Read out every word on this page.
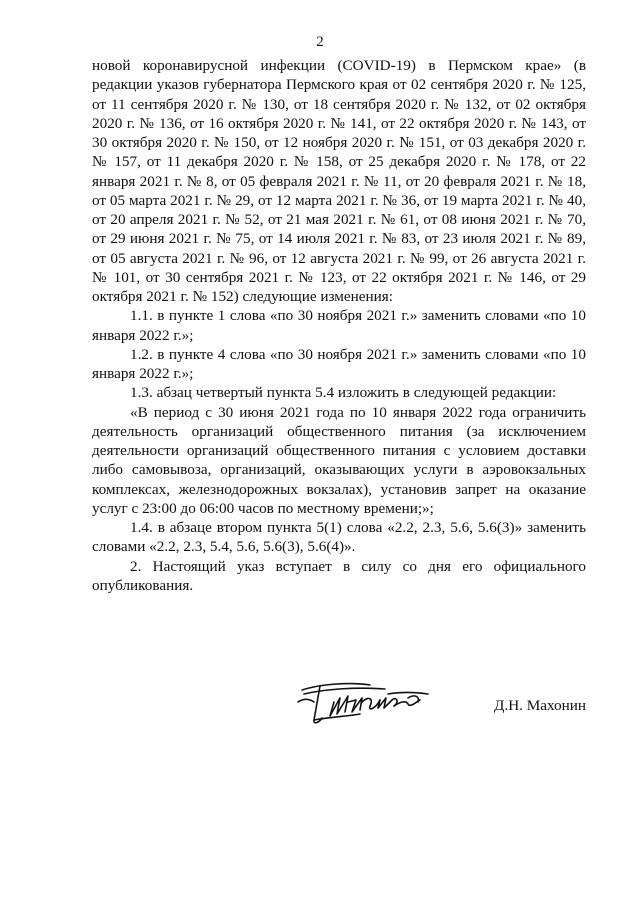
2

новой коронавирусной инфекции (COVID-19) в Пермском крае» (в редакции указов губернатора Пермского края от 02 сентября 2020 г. № 125, от 11 сентября 2020 г. № 130, от 18 сентября 2020 г. № 132, от 02 октября 2020 г. № 136, от 16 октября 2020 г. № 141, от 22 октября 2020 г. № 143, от 30 октября 2020 г. № 150, от 12 ноября 2020 г. № 151, от 03 декабря 2020 г. № 157, от 11 декабря 2020 г. № 158, от 25 декабря 2020 г. № 178, от 22 января 2021 г. № 8, от 05 февраля 2021 г. № 11, от 20 февраля 2021 г. № 18, от 05 марта 2021 г. № 29, от 12 марта 2021 г. № 36, от 19 марта 2021 г. № 40, от 20 апреля 2021 г. № 52, от 21 мая 2021 г. № 61, от 08 июня 2021 г. № 70, от 29 июня 2021 г. № 75, от 14 июля 2021 г. № 83, от 23 июля 2021 г. № 89, от 05 августа 2021 г. № 96, от 12 августа 2021 г. № 99, от 26 августа 2021 г. № 101, от 30 сентября 2021 г. № 123, от 22 октября 2021 г. № 146, от 29 октября 2021 г. № 152) следующие изменения:

1.1. в пункте 1 слова «по 30 ноября 2021 г.» заменить словами «по 10 января 2022 г.»;

1.2. в пункте 4 слова «по 30 ноября 2021 г.» заменить словами «по 10 января 2022 г.»;

1.3. абзац четвертый пункта 5.4 изложить в следующей редакции:

«В период с 30 июня 2021 года по 10 января 2022 года ограничить деятельность организаций общественного питания (за исключением деятельности организаций общественного питания с условием доставки либо самовывоза, организаций, оказывающих услуги в аэровокзальных комплексах, железнодорожных вокзалах), установив запрет на оказание услуг с 23:00 до 06:00 часов по местному времени;»;

1.4. в абзаце втором пункта 5(1) слова «2.2, 2.3, 5.6, 5.6(3)» заменить словами «2.2, 2.3, 5.4, 5.6, 5.6(3), 5.6(4)».

2. Настоящий указ вступает в силу со дня его официального опубликования.

Д.Н. Махонин
